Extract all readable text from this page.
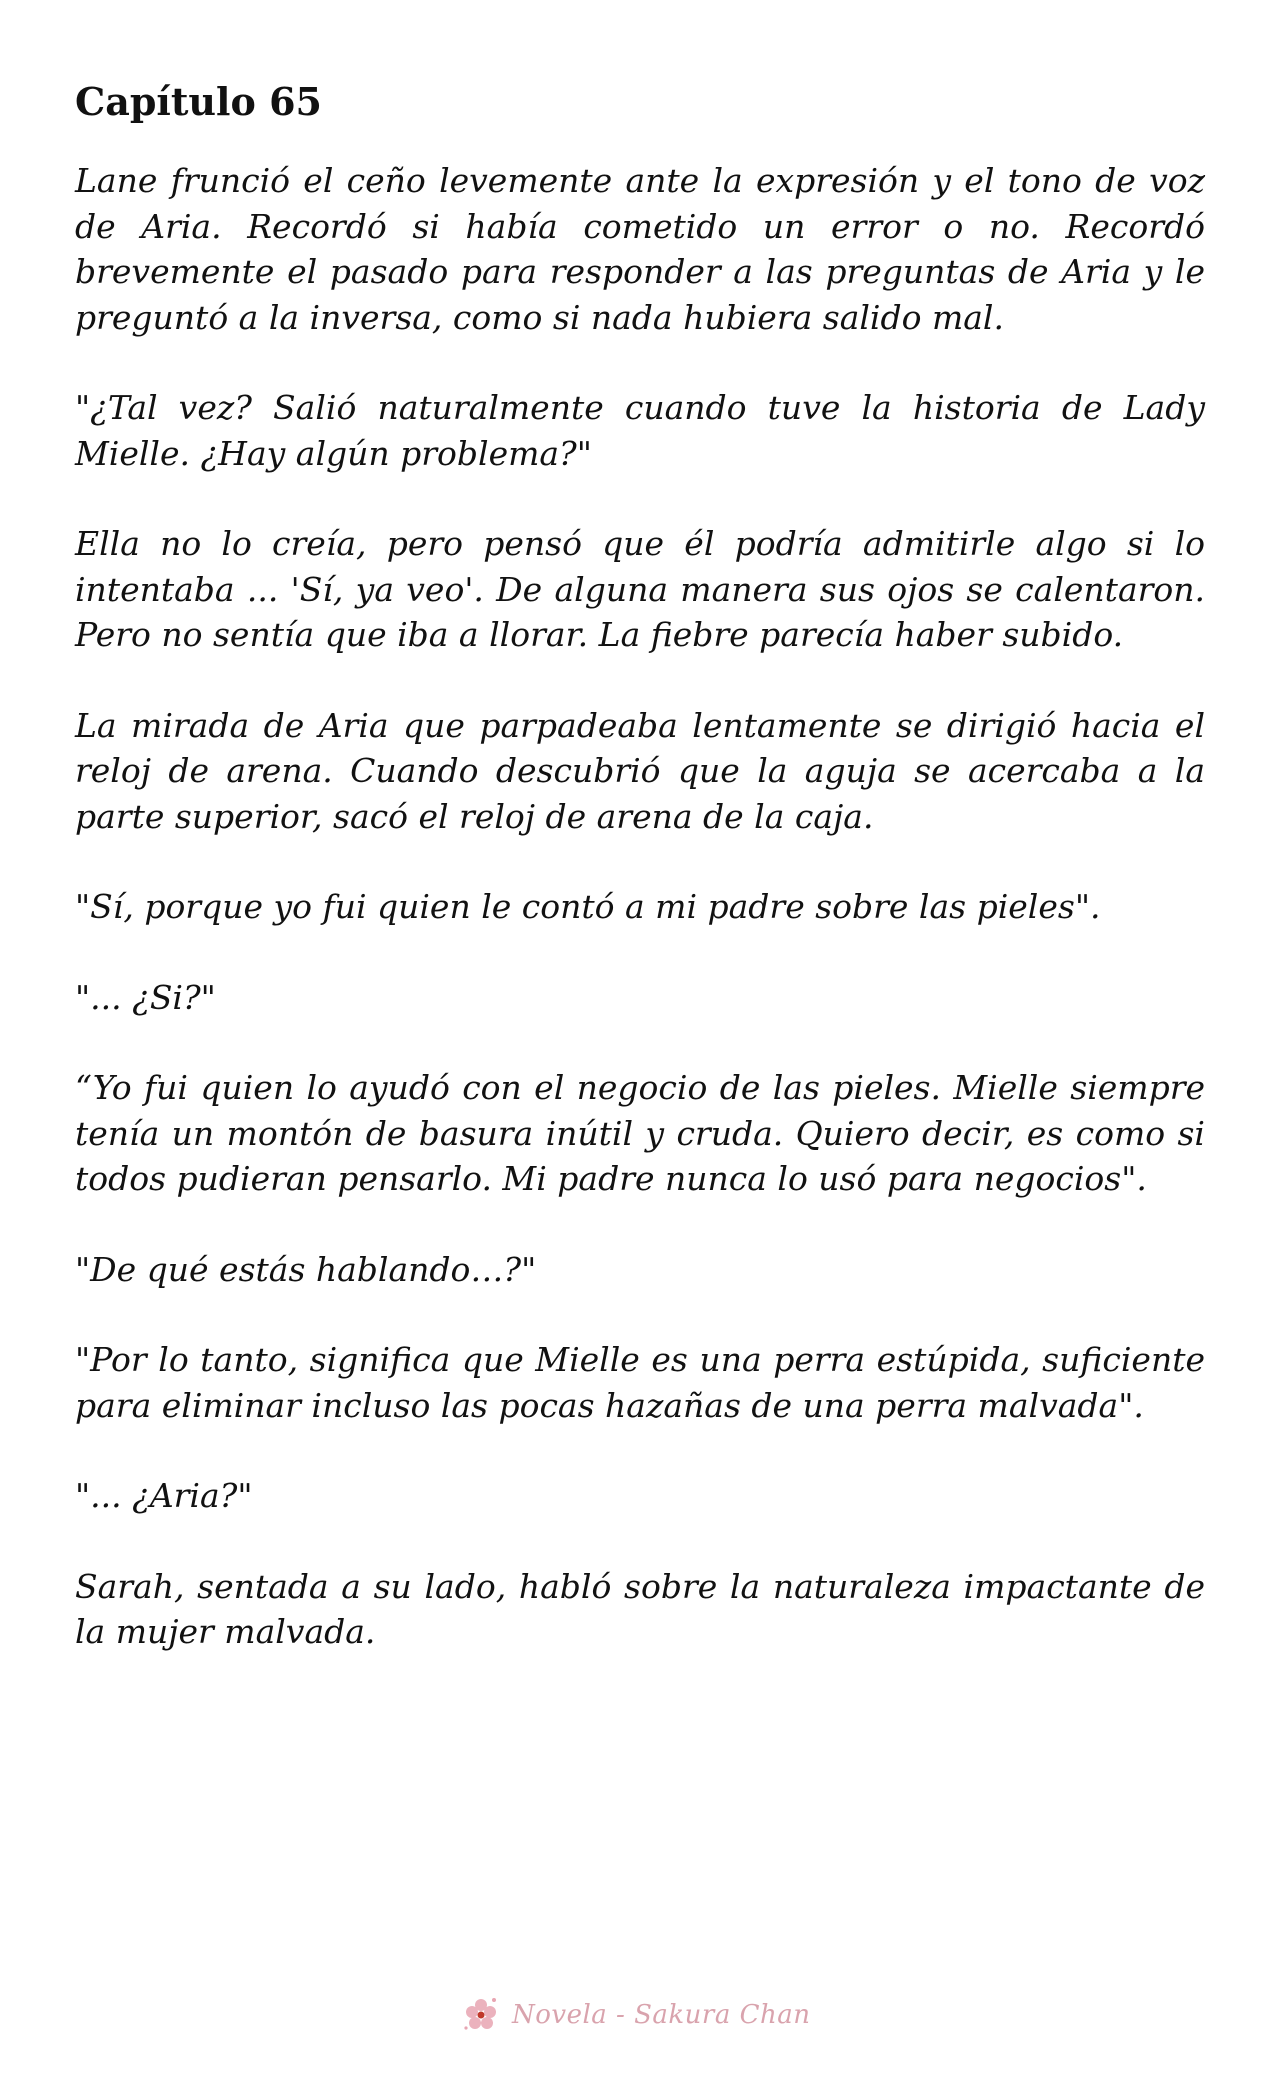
Capítulo 65

Lane frunció el ceño levemente ante la expresión y el tono de voz de Aria. Recordó si había cometido un error o no. Recordó brevemente el pasado para responder a las preguntas de Aria y le preguntó a la inversa, como si nada hubiera salido mal.

"¿Tal vez? Salió naturalmente cuando tuve la historia de Lady Mielle. ¿Hay algún problema?"

Ella no lo creía, pero pensó que él podría admitirle algo si lo intentaba ... 'Sí, ya veo'. De alguna manera sus ojos se calentaron. Pero no sentía que iba a llorar. La fiebre parecía haber subido.

La mirada de Aria que parpadeaba lentamente se dirigió hacia el reloj de arena. Cuando descubrió que la aguja se acercaba a la parte superior, sacó el reloj de arena de la caja.

"Sí, porque yo fui quien le contó a mi padre sobre las pieles".

"... ¿Si?"

“Yo fui quien lo ayudó con el negocio de las pieles. Mielle siempre tenía un montón de basura inútil y cruda. Quiero decir, es como si todos pudieran pensarlo. Mi padre nunca lo usó para negocios".

"De qué estás hablando…?"

"Por lo tanto, significa que Mielle es una perra estúpida, suficiente para eliminar incluso las pocas hazañas de una perra malvada".

"... ¿Aria?"

Sarah, sentada a su lado, habló sobre la naturaleza impactante de la mujer malvada.

Novela - Sakura Chan
